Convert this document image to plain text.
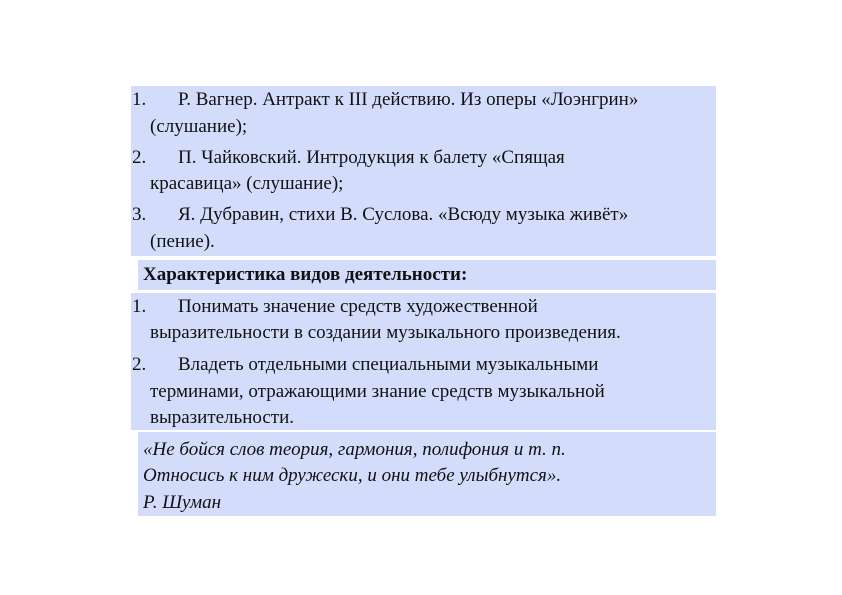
1. Р. Вагнер. Антракт к III действию. Из оперы «Лоэнгрин»
(слушание);
2. П. Чайковский. Интродукция к балету «Спящая
красавица» (слушание);
3. Я. Дубравин, стихи В. Суслова. «Всюду музыка живёт»
(пение).
Характеристика видов деятельности:
1. Понимать значение средств художественной
выразительности в создании музыкального произведения.
2. Владеть отдельными специальными музыкальными
терминами, отражающими знание средств музыкальной
выразительности.
«Не бойся слов теория, гармония, полифония и т. п.
Относись к ним дружески, и они тебе улыбнутся».
Р. Шуман
